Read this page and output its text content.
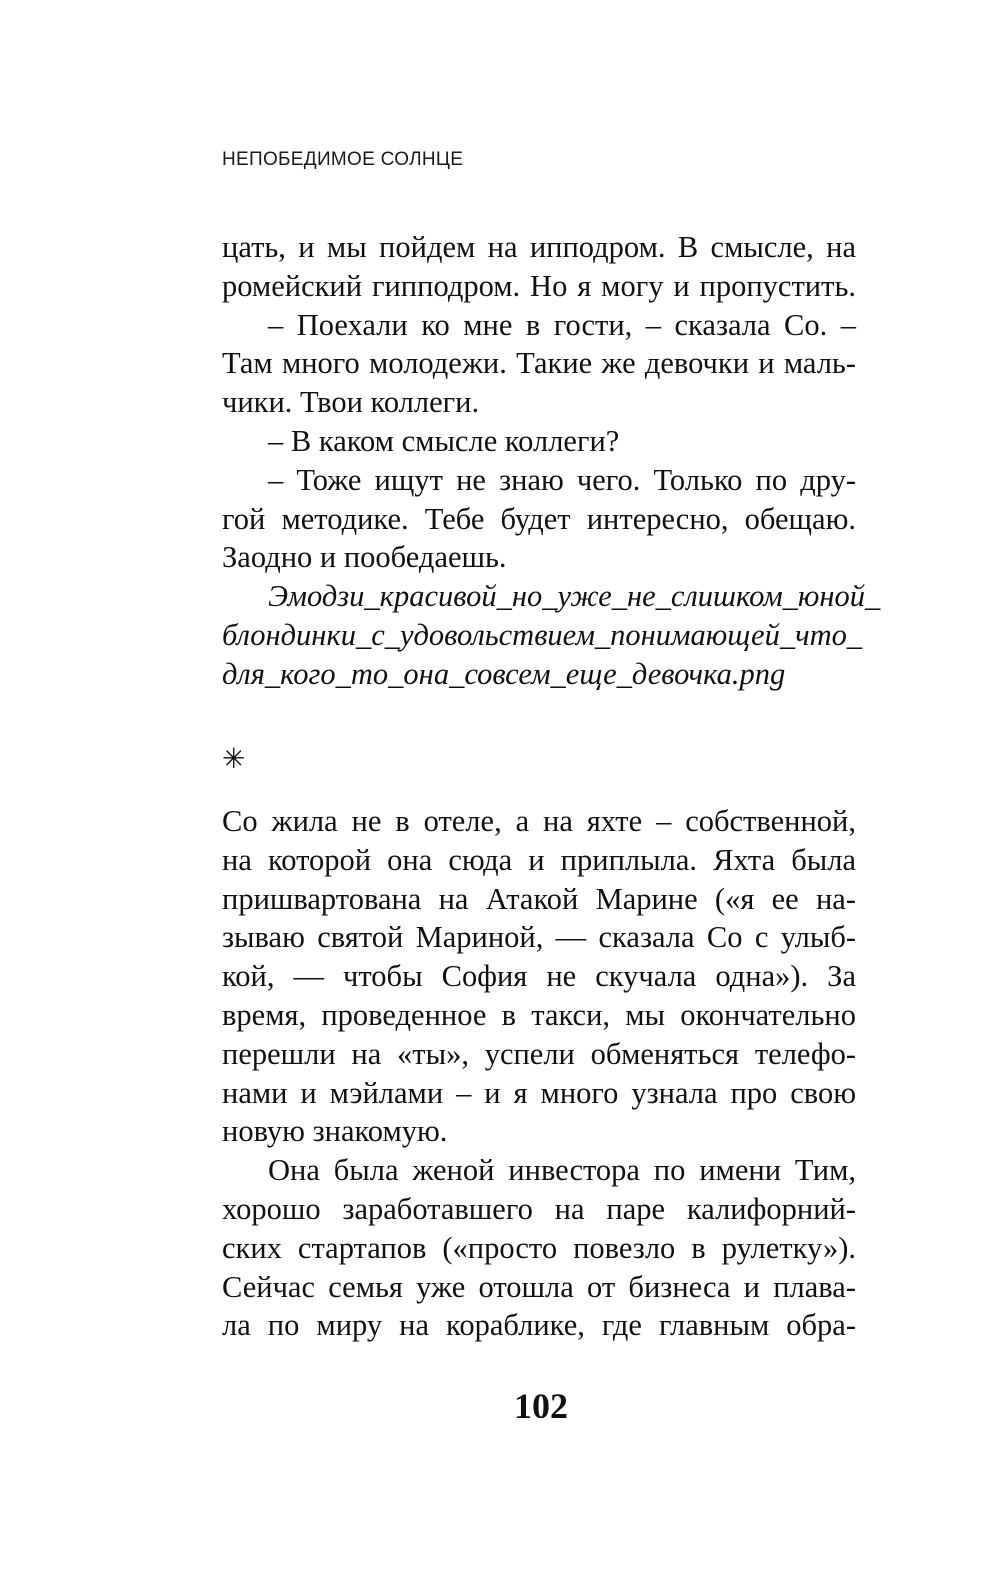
НЕПОБЕДИМОЕ СОЛНЦЕ
цать, и мы пойдем на ипподром. В смысле, на
ромейский гипподром. Но я могу и пропустить.
– Поехали ко мне в гости, – сказала Со. –
Там много молодежи. Такие же девочки и маль-
чики. Твои коллеги.
– В каком смысле коллеги?
– Тоже ищут не знаю чего. Только по дру-
гой методике. Тебе будет интересно, обещаю.
Заодно и пообедаешь.
Эмодзи_красивой_но_уже_не_слишком_юной_
блондинки_с_удовольствием_понимающей_что_
для_кого_то_она_совсем_еще_девочка.png
✳
Со жила не в отеле, а на яхте – собственной,
на которой она сюда и приплыла. Яхта была
пришвартована на Атакой Марине («я ее на-
зываю святой Мариной, — сказала Со с улыб-
кой, — чтобы София не скучала одна»). За
время, проведенное в такси, мы окончательно
перешли на «ты», успели обменяться телефо-
нами и мэйлами – и я много узнала про свою
новую знакомую.
Она была женой инвестора по имени Тим,
хорошо заработавшего на паре калифорний-
ских стартапов («просто повезло в рулетку»).
Сейчас семья уже отошла от бизнеса и плава-
ла по миру на кораблике, где главным обра-
102
